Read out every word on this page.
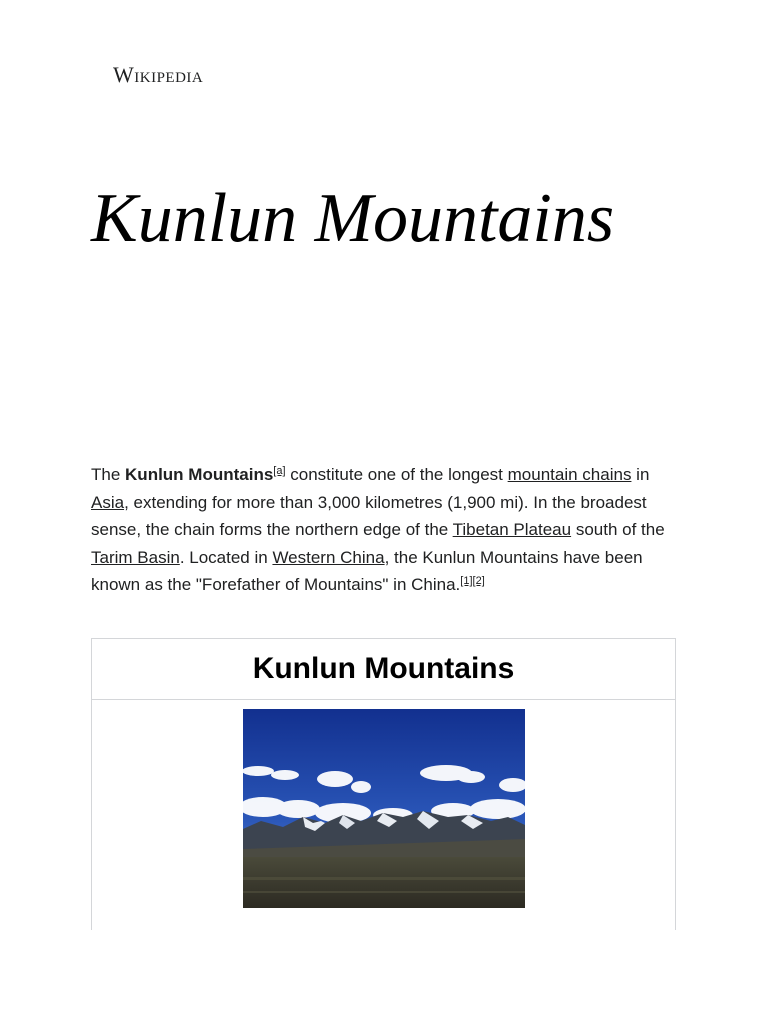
Wikipedia
Kunlun Mountains

The Kunlun Mountains[a] constitute one of the longest mountain chains in Asia, extending for more than 3,000 kilometres (1,900 mi). In the broadest sense, the chain forms the northern edge of the Tibetan Plateau south of the Tarim Basin. Located in Western China, the Kunlun Mountains have been known as the "Forefather of Mountains" in China.[1][2]

Kunlun Mountains
